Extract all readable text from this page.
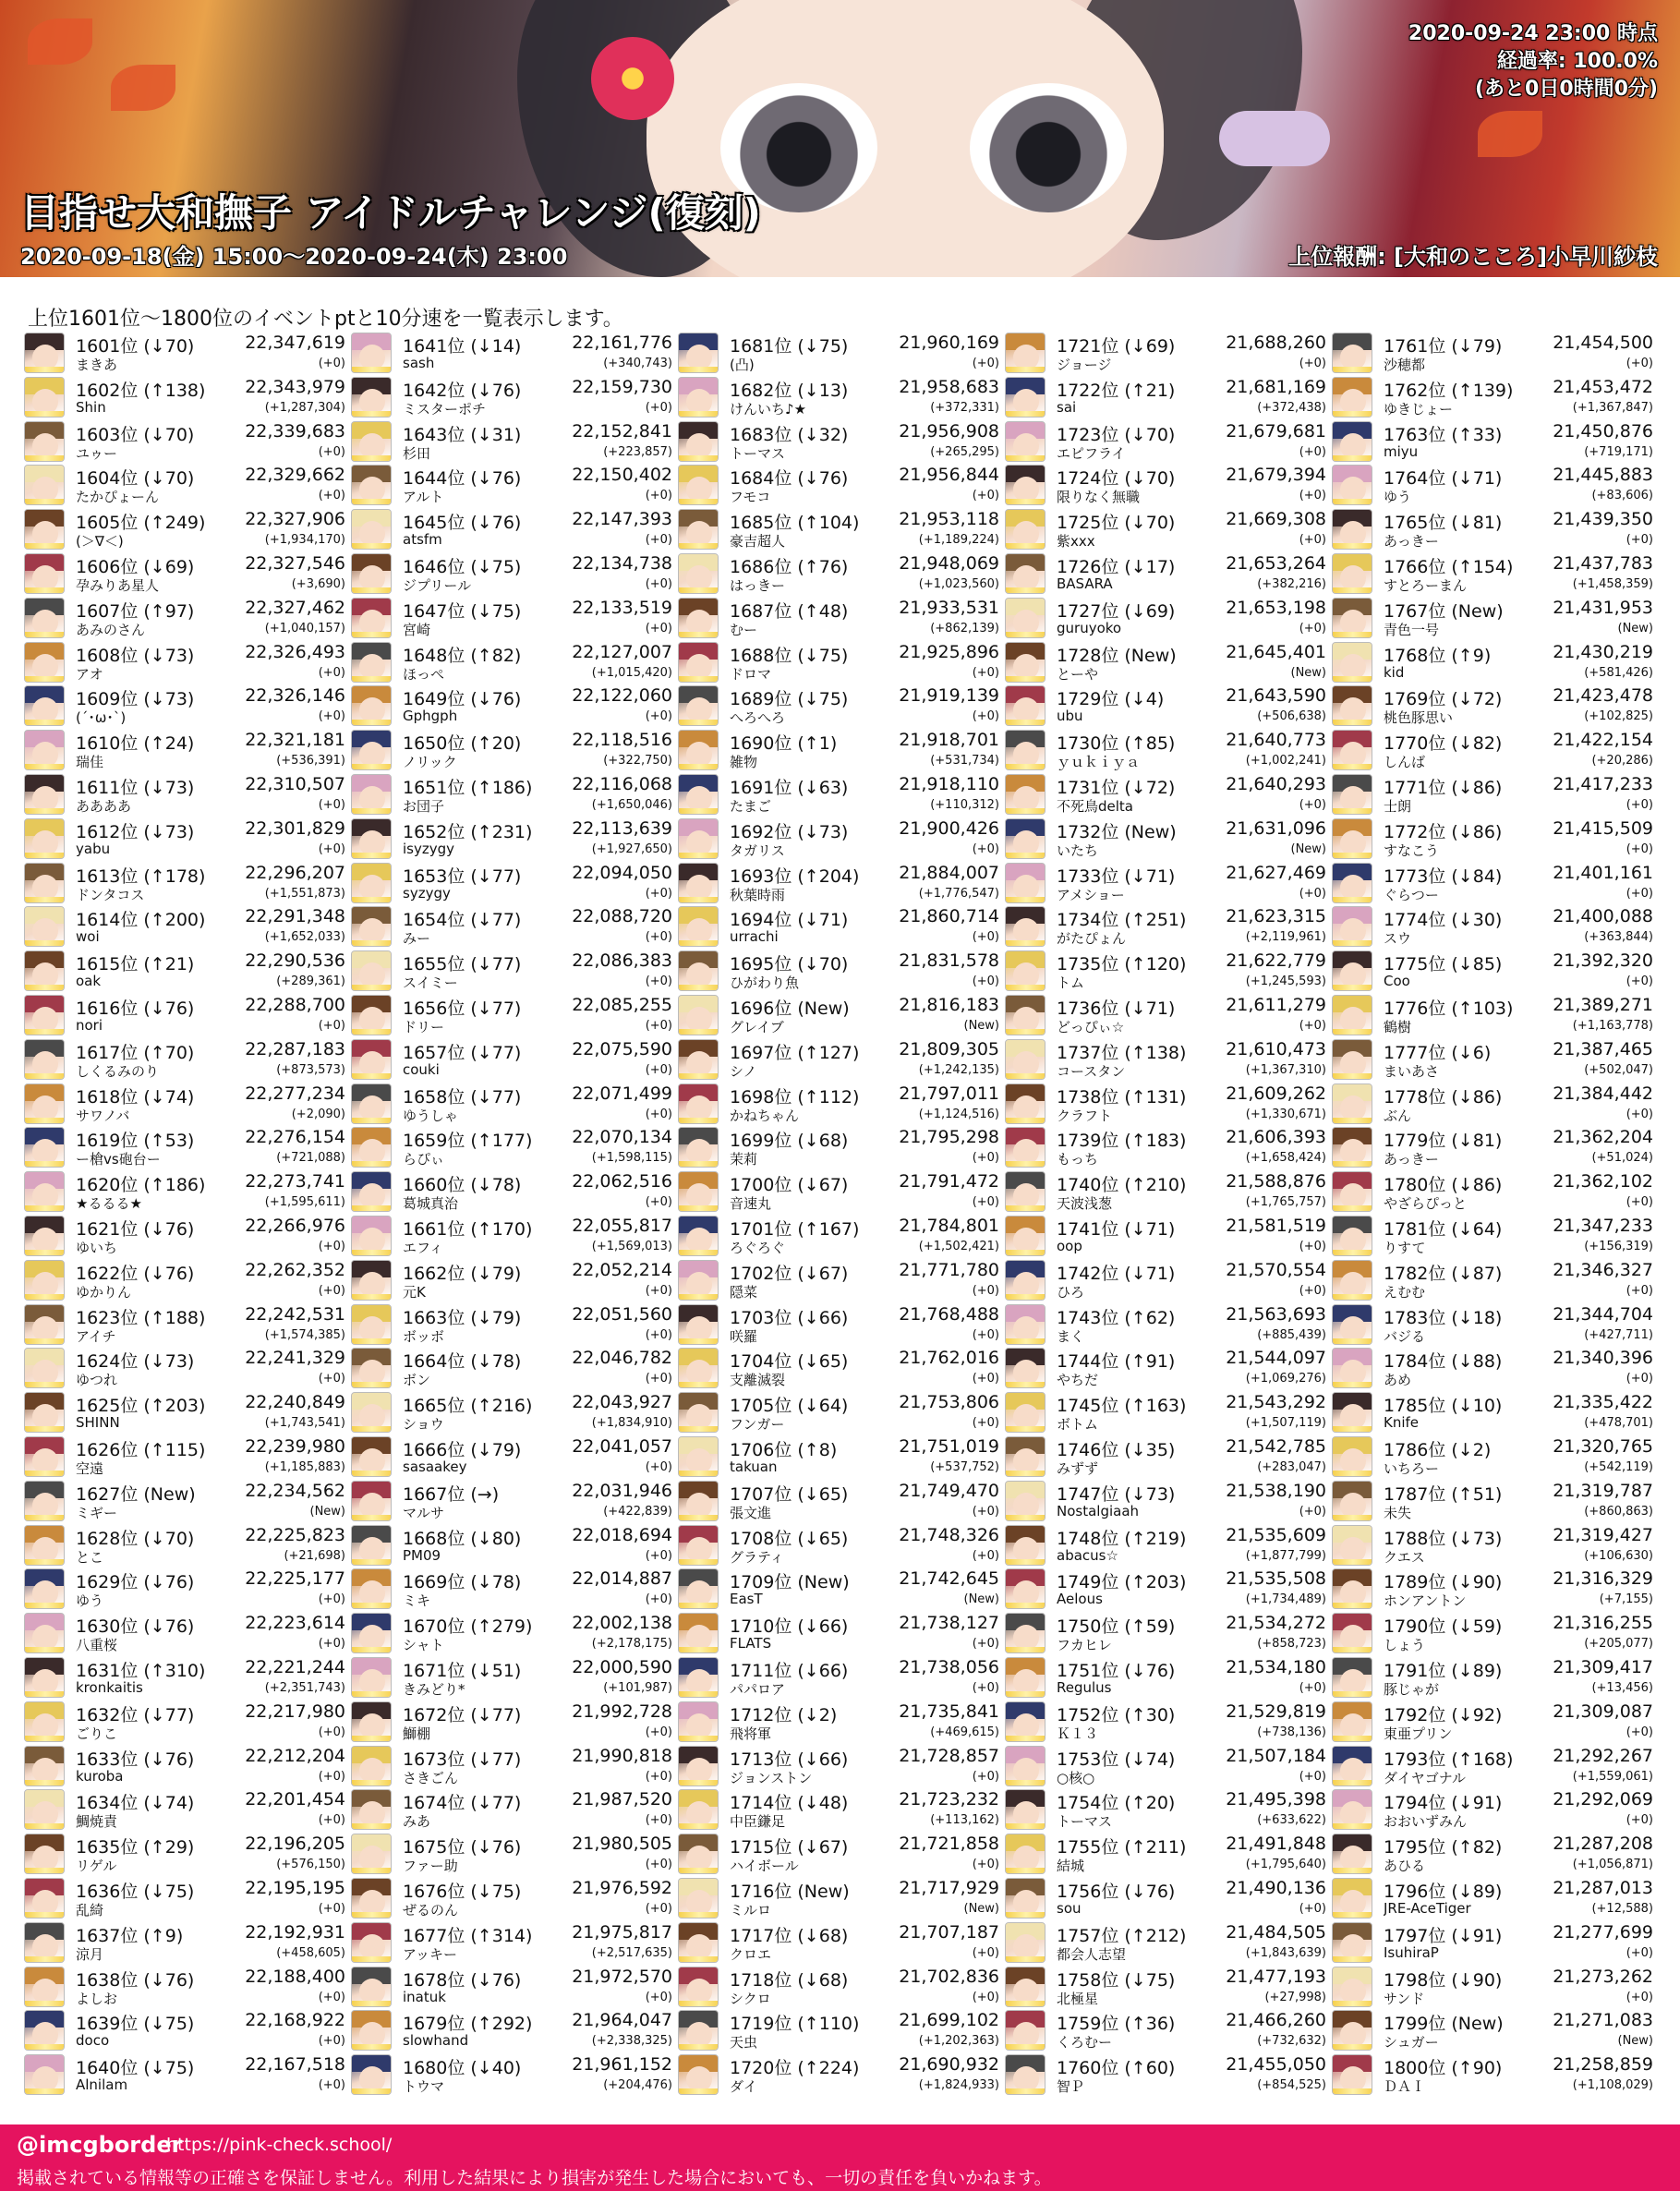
2020-09-24 23:00 時点
経過率: 100.0%
(あと0日0時間0分)
目指せ大和撫子 アイドルチャレンジ(復刻)
2020-09-18(金) 15:00〜2020-09-24(木) 23:00	上位報酬: [大和のこころ]小早川紗枝
上位1601位〜1800位のイベントptと10分速を一覧表示します。
1601位 (↓70)
まきあ
22,347,619
(+0)
1602位 (↑138)
Shin
22,343,979
(+1,287,304)
1603位 (↓70)
ユゥー
22,339,683
(+0)
1604位 (↓70)
たかぴょーん
22,329,662
(+0)
1605位 (↑249)
(＞∇＜)
22,327,906
(+1,934,170)
1606位 (↓69)
孕みりあ星人
22,327,546
(+3,690)
1607位 (↑97)
あみのさん
22,327,462
(+1,040,157)
1608位 (↓73)
アオ
22,326,493
(+0)
1609位 (↓73)
(´･ω･`)
22,326,146
(+0)
1610位 (↑24)
瑞佳
22,321,181
(+536,391)
1611位 (↓73)
ああああ
22,310,507
(+0)
1612位 (↓73)
yabu
22,301,829
(+0)
1613位 (↑178)
ドンタコス
22,296,207
(+1,551,873)
1614位 (↑200)
woi
22,291,348
(+1,652,033)
1615位 (↑21)
oak
22,290,536
(+289,361)
1616位 (↓76)
nori
22,288,700
(+0)
1617位 (↑70)
しくるみのり
22,287,183
(+873,573)
1618位 (↓74)
サワノバ
22,277,234
(+2,090)
1619位 (↑53)
ー槍vs砲台ー
22,276,154
(+721,088)
1620位 (↑186)
★るるる★
22,273,741
(+1,595,611)
1621位 (↓76)
ゆいち
22,266,976
(+0)
1622位 (↓76)
ゆかりん
22,262,352
(+0)
1623位 (↑188)
アイチ
22,242,531
(+1,574,385)
1624位 (↓73)
ゆつれ
22,241,329
(+0)
1625位 (↑203)
SHINN
22,240,849
(+1,743,541)
1626位 (↑115)
空遠
22,239,980
(+1,185,883)
1627位 (New)
ミギー
22,234,562
(New)
1628位 (↓70)
とこ
22,225,823
(+21,698)
1629位 (↓76)
ゆう
22,225,177
(+0)
1630位 (↓76)
八重桜
22,223,614
(+0)
1631位 (↑310)
kronkaitis
22,221,244
(+2,351,743)
1632位 (↓77)
ごりこ
22,217,980
(+0)
1633位 (↓76)
kuroba
22,212,204
(+0)
1634位 (↓74)
鯛焼責
22,201,454
(+0)
1635位 (↑29)
リゲル
22,196,205
(+576,150)
1636位 (↓75)
乱綺
22,195,195
(+0)
1637位 (↑9)
涼月
22,192,931
(+458,605)
1638位 (↓76)
よしお
22,188,400
(+0)
1639位 (↓75)
doco
22,168,922
(+0)
1640位 (↓75)
Alnilam
22,167,518
(+0)
1641位 (↓14)
sash
22,161,776
(+340,743)
1642位 (↓76)
ミスターポチ
22,159,730
(+0)
1643位 (↓31)
杉田
22,152,841
(+223,857)
1644位 (↓76)
アルト
22,150,402
(+0)
1645位 (↓76)
atsfm
22,147,393
(+0)
1646位 (↓75)
ジプリール
22,134,738
(+0)
1647位 (↓75)
宮崎
22,133,519
(+0)
1648位 (↑82)
ほっぺ
22,127,007
(+1,015,420)
1649位 (↓76)
Gphgph
22,122,060
(+0)
1650位 (↑20)
ノリック
22,118,516
(+322,750)
1651位 (↑186)
お団子
22,116,068
(+1,650,046)
1652位 (↑231)
isyzygy
22,113,639
(+1,927,650)
1653位 (↓77)
syzygy
22,094,050
(+0)
1654位 (↓77)
みー
22,088,720
(+0)
1655位 (↓77)
スイミー
22,086,383
(+0)
1656位 (↓77)
ドリー
22,085,255
(+0)
1657位 (↓77)
couki
22,075,590
(+0)
1658位 (↓77)
ゆうしゃ
22,071,499
(+0)
1659位 (↑177)
らぴぃ
22,070,134
(+1,598,115)
1660位 (↓78)
葛城真治
22,062,516
(+0)
1661位 (↑170)
エフィ
22,055,817
(+1,569,013)
1662位 (↓79)
元K
22,052,214
(+0)
1663位 (↓79)
ボッボ
22,051,560
(+0)
1664位 (↓78)
ボン
22,046,782
(+0)
1665位 (↑216)
ショウ
22,043,927
(+1,834,910)
1666位 (↓79)
sasaakey
22,041,057
(+0)
1667位 (→)
マルサ
22,031,946
(+422,839)
1668位 (↓80)
PM09
22,018,694
(+0)
1669位 (↓78)
ミキ
22,014,887
(+0)
1670位 (↑279)
シャト
22,002,138
(+2,178,175)
1671位 (↓51)
きみどり*
22,000,590
(+101,987)
1672位 (↓77)
鰤棚
21,992,728
(+0)
1673位 (↓77)
さきごん
21,990,818
(+0)
1674位 (↓77)
みあ
21,987,520
(+0)
1675位 (↓76)
ファー助
21,980,505
(+0)
1676位 (↓75)
ぜるのん
21,976,592
(+0)
1677位 (↑314)
アッキー
21,975,817
(+2,517,635)
1678位 (↓76)
inatuk
21,972,570
(+0)
1679位 (↑292)
slowhand
21,964,047
(+2,338,325)
1680位 (↓40)
トウマ
21,961,152
(+204,476)
1681位 (↓75)
(凸)
21,960,169
(+0)
1682位 (↓13)
けんいち♪★
21,958,683
(+372,331)
1683位 (↓32)
トーマス
21,956,908
(+265,295)
1684位 (↓76)
フモコ
21,956,844
(+0)
1685位 (↑104)
豪吉超人
21,953,118
(+1,189,224)
1686位 (↑76)
はっきー
21,948,069
(+1,023,560)
1687位 (↑48)
むー
21,933,531
(+862,139)
1688位 (↓75)
ドロマ
21,925,896
(+0)
1689位 (↓75)
へろへろ
21,919,139
(+0)
1690位 (↑1)
雑物
21,918,701
(+531,734)
1691位 (↓63)
たまご
21,918,110
(+110,312)
1692位 (↓73)
タガリス
21,900,426
(+0)
1693位 (↑204)
秋葉時雨
21,884,007
(+1,776,547)
1694位 (↓71)
urrachi
21,860,714
(+0)
1695位 (↓70)
ひがわり魚
21,831,578
(+0)
1696位 (New)
グレイブ
21,816,183
(New)
1697位 (↑127)
シノ
21,809,305
(+1,242,135)
1698位 (↑112)
かねちゃん
21,797,011
(+1,124,516)
1699位 (↓68)
茉莉
21,795,298
(+0)
1700位 (↓67)
音速丸
21,791,472
(+0)
1701位 (↑167)
ろぐろぐ
21,784,801
(+1,502,421)
1702位 (↓67)
隠菜
21,771,780
(+0)
1703位 (↓66)
咲羅
21,768,488
(+0)
1704位 (↓65)
支離滅裂
21,762,016
(+0)
1705位 (↓64)
フンガー
21,753,806
(+0)
1706位 (↑8)
takuan
21,751,019
(+537,752)
1707位 (↓65)
張文進
21,749,470
(+0)
1708位 (↓65)
グラティ
21,748,326
(+0)
1709位 (New)
EasT
21,742,645
(New)
1710位 (↓66)
FLATS
21,738,127
(+0)
1711位 (↓66)
パパロア
21,738,056
(+0)
1712位 (↓2)
飛将軍
21,735,841
(+469,615)
1713位 (↓66)
ジョンストン
21,728,857
(+0)
1714位 (↓48)
中臣鎌足
21,723,232
(+113,162)
1715位 (↓67)
ハイボール
21,721,858
(+0)
1716位 (New)
ミルロ
21,717,929
(New)
1717位 (↓68)
クロエ
21,707,187
(+0)
1718位 (↓68)
シクロ
21,702,836
(+0)
1719位 (↑110)
天虫
21,699,102
(+1,202,363)
1720位 (↑224)
ダイ
21,690,932
(+1,824,933)
1721位 (↓69)
ジョージ
21,688,260
(+0)
1722位 (↑21)
sai
21,681,169
(+372,438)
1723位 (↓70)
エピフライ
21,679,681
(+0)
1724位 (↓70)
限りなく無職
21,679,394
(+0)
1725位 (↓70)
紫xxx
21,669,308
(+0)
1726位 (↓17)
BASARA
21,653,264
(+382,216)
1727位 (↓69)
guruyoko
21,653,198
(+0)
1728位 (New)
とーや
21,645,401
(New)
1729位 (↓4)
ubu
21,643,590
(+506,638)
1730位 (↑85)
ｙｕｋｉｙａ
21,640,773
(+1,002,241)
1731位 (↓72)
不死鳥delta
21,640,293
(+0)
1732位 (New)
いたち
21,631,096
(New)
1733位 (↓71)
アメショー
21,627,469
(+0)
1734位 (↑251)
がたぴょん
21,623,315
(+2,119,961)
1735位 (↑120)
トム
21,622,779
(+1,245,593)
1736位 (↓71)
どっぴぃ☆
21,611,279
(+0)
1737位 (↑138)
コースタン
21,610,473
(+1,367,310)
1738位 (↑131)
クラフト
21,609,262
(+1,330,671)
1739位 (↑183)
もっち
21,606,393
(+1,658,424)
1740位 (↑210)
天波浅葱
21,588,876
(+1,765,757)
1741位 (↓71)
oop
21,581,519
(+0)
1742位 (↓71)
ひろ
21,570,554
(+0)
1743位 (↑62)
まく
21,563,693
(+885,439)
1744位 (↑91)
やちだ
21,544,097
(+1,069,276)
1745位 (↑163)
ボトム
21,543,292
(+1,507,119)
1746位 (↓35)
みずず
21,542,785
(+283,047)
1747位 (↓73)
Nostalgiaah
21,538,190
(+0)
1748位 (↑219)
abacus☆
21,535,609
(+1,877,799)
1749位 (↑203)
Aelous
21,535,508
(+1,734,489)
1750位 (↑59)
フカヒレ
21,534,272
(+858,723)
1751位 (↓76)
Regulus
21,534,180
(+0)
1752位 (↑30)
Ｋ１３
21,529,819
(+738,136)
1753位 (↓74)
○核○
21,507,184
(+0)
1754位 (↑20)
トーマス
21,495,398
(+633,622)
1755位 (↑211)
結城
21,491,848
(+1,795,640)
1756位 (↓76)
sou
21,490,136
(+0)
1757位 (↑212)
都会人志望
21,484,505
(+1,843,639)
1758位 (↓75)
北極星
21,477,193
(+27,998)
1759位 (↑36)
くろむー
21,466,260
(+732,632)
1760位 (↑60)
智Ｐ
21,455,050
(+854,525)
1761位 (↓79)
沙穂都
21,454,500
(+0)
1762位 (↑139)
ゆきじょー
21,453,472
(+1,367,847)
1763位 (↑33)
miyu
21,450,876
(+719,171)
1764位 (↓71)
ゆう
21,445,883
(+83,606)
1765位 (↓81)
あっきー
21,439,350
(+0)
1766位 (↑154)
すとろーまん
21,437,783
(+1,458,359)
1767位 (New)
青色一号
21,431,953
(New)
1768位 (↑9)
kid
21,430,219
(+581,426)
1769位 (↓72)
桃色豚思い
21,423,478
(+102,825)
1770位 (↓82)
しんば
21,422,154
(+20,286)
1771位 (↓86)
士朗
21,417,233
(+0)
1772位 (↓86)
すなこう
21,415,509
(+0)
1773位 (↓84)
ぐらつー
21,401,161
(+0)
1774位 (↓30)
スウ
21,400,088
(+363,844)
1775位 (↓85)
Coo
21,392,320
(+0)
1776位 (↑103)
鶴樹
21,389,271
(+1,163,778)
1777位 (↓6)
まいあさ
21,387,465
(+502,047)
1778位 (↓86)
ぶん
21,384,442
(+0)
1779位 (↓81)
あっきー
21,362,204
(+51,024)
1780位 (↓86)
やざらぴっと
21,362,102
(+0)
1781位 (↓64)
りすて
21,347,233
(+156,319)
1782位 (↓87)
えむむ
21,346,327
(+0)
1783位 (↓18)
バジる
21,344,704
(+427,711)
1784位 (↓88)
あめ
21,340,396
(+0)
1785位 (↓10)
Knife
21,335,422
(+478,701)
1786位 (↓2)
いちろー
21,320,765
(+542,119)
1787位 (↑51)
未失
21,319,787
(+860,863)
1788位 (↓73)
クエス
21,319,427
(+106,630)
1789位 (↓90)
ホンアントン
21,316,329
(+7,155)
1790位 (↓59)
しょう
21,316,255
(+205,077)
1791位 (↓89)
豚じゃが
21,309,417
(+13,456)
1792位 (↓92)
東亜プリン
21,309,087
(+0)
1793位 (↑168)
ダイヤゴナル
21,292,267
(+1,559,061)
1794位 (↓91)
おおいずみん
21,292,069
(+0)
1795位 (↑82)
あひる
21,287,208
(+1,056,871)
1796位 (↓89)
JRE-AceTiger
21,287,013
(+12,588)
1797位 (↓91)
IsuhiraP
21,277,699
(+0)
1798位 (↓90)
サンド
21,273,262
(+0)
1799位 (New)
シュガー
21,271,083
(New)
1800位 (↑90)
ＤＡＩ
21,258,859
(+1,108,029)
@imcgborder
https://pink-check.school/
掲載されている情報等の正確さを保証しません。利用した結果により損害が発生した場合においても、一切の責任を負いかねます。
